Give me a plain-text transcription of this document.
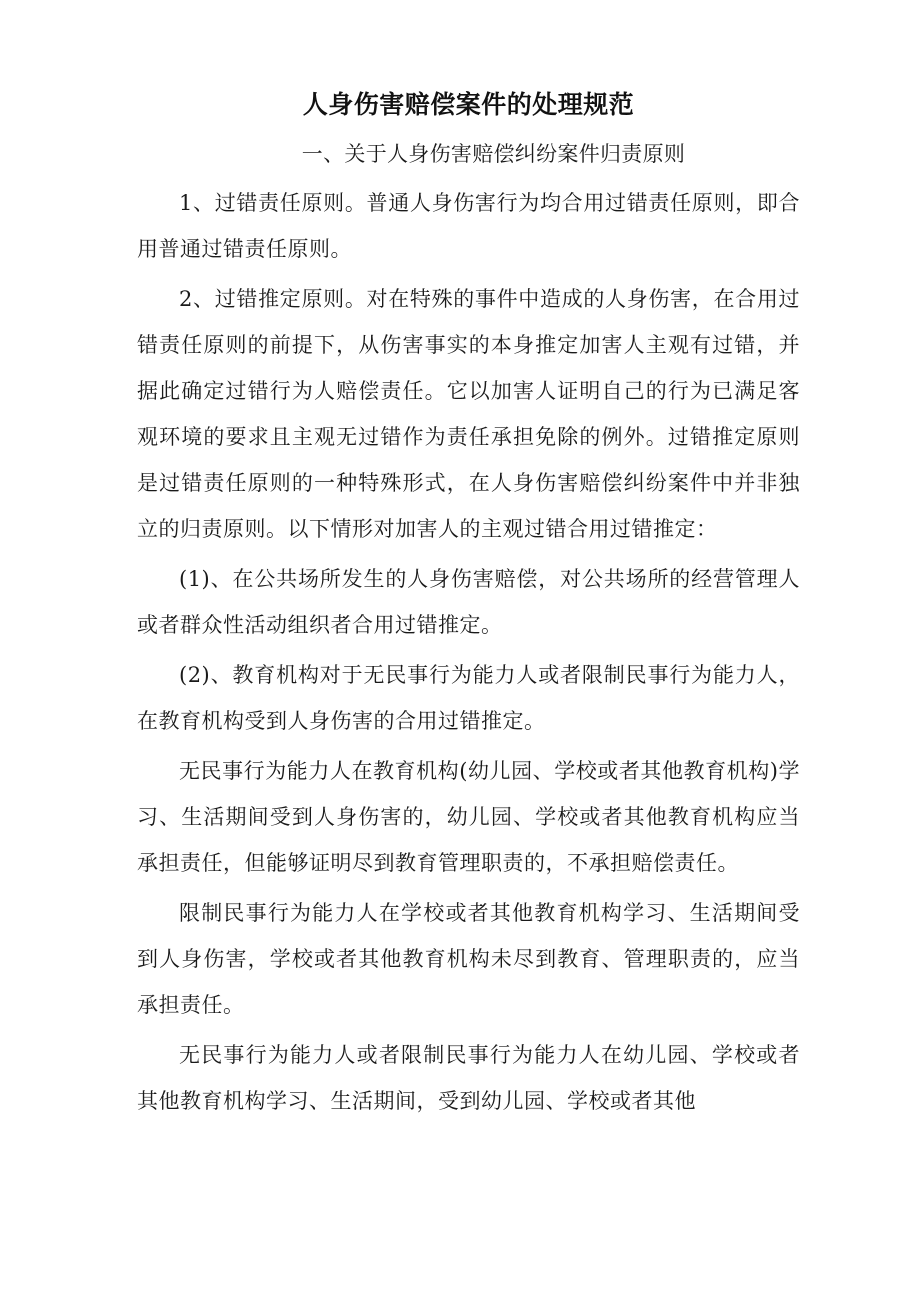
人身伤害赔偿案件的处理规范
一、关于人身伤害赔偿纠纷案件归责原则

1、过错责任原则。普通人身伤害行为均合用过错责任原则，即合用普通过错责任原则。

2、过错推定原则。对在特殊的事件中造成的人身伤害，在合用过错责任原则的前提下，从伤害事实的本身推定加害人主观有过错，并据此确定过错行为人赔偿责任。它以加害人证明自己的行为已满足客观环境的要求且主观无过错作为责任承担免除的例外。过错推定原则是过错责任原则的一种特殊形式，在人身伤害赔偿纠纷案件中并非独立的归责原则。以下情形对加害人的主观过错合用过错推定：

(1)、在公共场所发生的人身伤害赔偿，对公共场所的经营管理人或者群众性活动组织者合用过错推定。

(2)、教育机构对于无民事行为能力人或者限制民事行为能力人，在教育机构受到人身伤害的合用过错推定。

无民事行为能力人在教育机构(幼儿园、学校或者其他教育机构)学习、生活期间受到人身伤害的，幼儿园、学校或者其他教育机构应当承担责任，但能够证明尽到教育管理职责的，不承担赔偿责任。

限制民事行为能力人在学校或者其他教育机构学习、生活期间受到人身伤害，学校或者其他教育机构未尽到教育、管理职责的，应当承担责任。

无民事行为能力人或者限制民事行为能力人在幼儿园、学校或者其他教育机构学习、生活期间，受到幼儿园、学校或者其他
